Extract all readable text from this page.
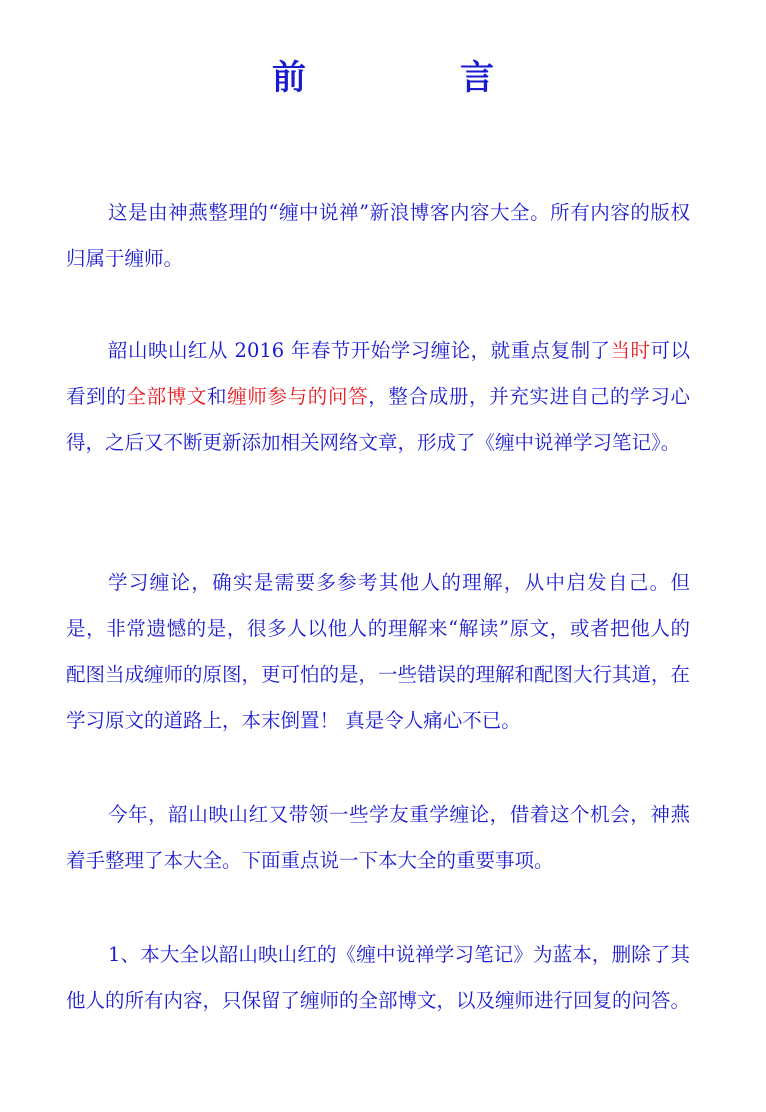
前　言

这是由神燕整理的“缠中说禅”新浪博客内容大全。所有内容的版权归属于缠师。

韶山映山红从 2016 年春节开始学习缠论，就重点复制了当时可以看到的全部博文和缠师参与的问答，整合成册，并充实进自己的学习心得，之后又不断更新添加相关网络文章，形成了《缠中说禅学习笔记》。

学习缠论，确实是需要多参考其他人的理解，从中启发自己。但是，非常遗憾的是，很多人以他人的理解来“解读”原文，或者把他人的配图当成缠师的原图，更可怕的是，一些错误的理解和配图大行其道，在学习原文的道路上，本末倒置！ 真是令人痛心不已。

今年，韶山映山红又带领一些学友重学缠论，借着这个机会，神燕着手整理了本大全。下面重点说一下本大全的重要事项。

1、本大全以韶山映山红的《缠中说禅学习笔记》为蓝本，删除了其他人的所有内容，只保留了缠师的全部博文，以及缠师进行回复的问答。
